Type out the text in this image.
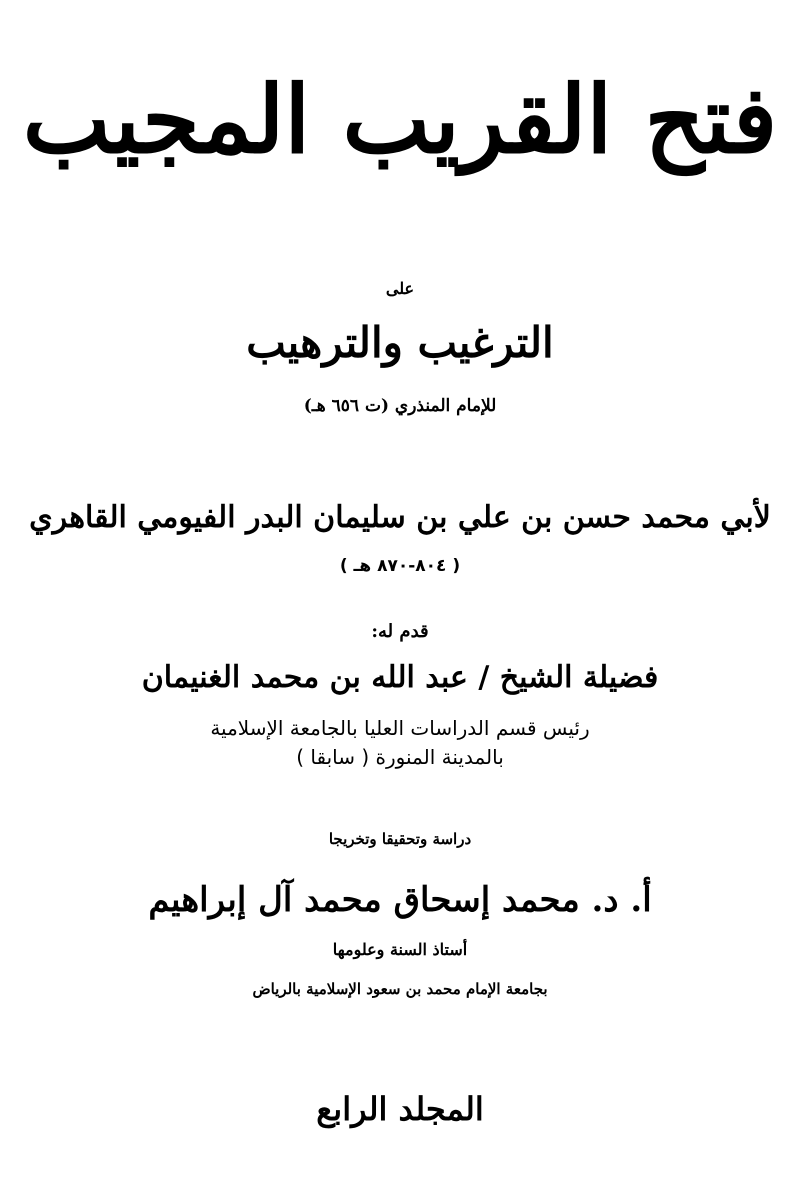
فتح القريب المجيب
على
الترغيب والترهيب
للإمام المنذري (ت ٦٥٦ هـ)
لأبي محمد حسن بن علي بن سليمان البدر الفيومي القاهري
( ٨٠٤-٨٧٠ هـ )
قدم له:
فضيلة الشيخ / عبد الله بن محمد الغنيمان
رئيس قسم الدراسات العليا بالجامعة الإسلامية
بالمدينة المنورة ( سابقا )
دراسة وتحقيقا وتخريجا
أ. د. محمد إسحاق محمد آل إبراهيم
أستاذ السنة وعلومها
بجامعة الإمام محمد بن سعود الإسلامية بالرياض
المجلد الرابع
